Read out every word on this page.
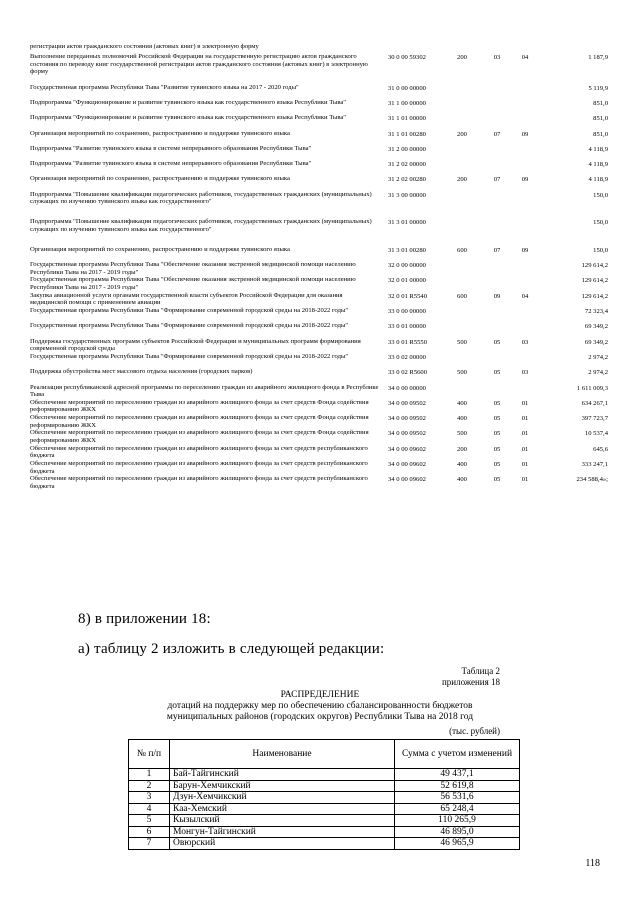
регистрации актов гражданского состояния (актовых книг) в электронную форму
Выполнение переданных полномочий Российской Федерации на государственную регистрацию актов гражданского состояния по переводу книг государственной регистрации актов гражданского состояния (актовых книг) в электронную форму
30 0 00 59302	200	03	04	1 187,9
Государственная программа Республики Тыва "Развитие тувинского языка на 2017 - 2020 годы"	31 0 00 00000	5 119,9
Подпрограмма "Функционирование и развитие тувинского языка как государственного языка Республики Тыва"	31 1 00 00000	851,0
Подпрограмма "Функционирование и развитие тувинского языка как государственного языка Республики Тыва"	31 1 01 00000	851,0
Организация мероприятий по сохранению, распространению и поддержке тувинского языка	31 1 01 00280	200	07	09	851,0
Подпрограмма "Развитие тувинского языка в системе непрерывного образования Республики Тыва"	31 2 00 00000	4 118,9
Подпрограмма "Развитие тувинского языка в системе непрерывного образования Республики Тыва"	31 2 02 00000	4 118,9
Организация мероприятий по сохранению, распространению и поддержке тувинского языка	31 2 02 00280	200	07	09	4 118,9
Подпрограмма "Повышение квалификации педагогических работников, государственных гражданских (муниципальных) служащих по изучению тувинского языка как государственного"
31 3 00 00000	150,0
Подпрограмма "Повышение квалификации педагогических работников, государственных гражданских (муниципальных) служащих по изучению тувинского языка как государственного"
31 3 01 00000	150,0
Организация мероприятий по сохранению, распространению и поддержке тувинского языка	31 3 01 00280	600	07	09	150,0
Государственная программа Республики Тыва "Обеспечение оказания экстренной медицинской помощи населению Республики Тыва на 2017 - 2019 годы"
32 0 00 00000	129 614,2
Государственная программа Республики Тыва "Обеспечение оказания экстренной медицинской помощи населению Республики Тыва на 2017 - 2019 годы"
32 0 01 00000	129 614,2
Закупка авиационной услуги органами государственной власти субъектов Российской Федерации для оказания медицинской помощи с применением авиации
32 0 01 R5540	600	09	04	129 614,2
Государственная программа Республики Тыва "Формирование современной городской среды на 2018-2022 годы"	33 0 00 00000	72 323,4
Государственная программа Республики Тыва "Формирование современной городской среды на 2018-2022 годы"	33 0 01 00000	69 349,2
Поддержка государственных программ субъектов Российской Федерации и муниципальных программ формирования современной городской среды
33 0 01 R5550	500	05	03	69 349,2
Государственная программа Республики Тыва "Формирование современной городской среды на 2018-2022 годы"	33 0 02 00000	2 974,2
Поддержка обустройства мест массового отдыха населения (городских парков)	33 0 02 R5600	500	05	03	2 974,2
Реализация республиканской адресной программы по переселению граждан из аварийного жилищного фонда в Республике Тыва
34 0 00 00000	1 611 009,3
Обеспечение мероприятий по переселению граждан из аварийного жилищного фонда за счет средств Фонда содействия реформированию ЖКХ
34 0 00 09502	400	05	01	634 267,1
Обеспечение мероприятий по переселению граждан из аварийного жилищного фонда за счет средств Фонда содействия реформированию ЖКХ
34 0 00 09502	400	05	01	397 723,7
Обеспечение мероприятий по переселению граждан из аварийного жилищного фонда за счет средств Фонда содействия реформированию ЖКХ
34 0 00 09502	500	05	01	10 537,4
Обеспечение мероприятий по переселению граждан из аварийного жилищного фонда за счет средств республиканского бюджета
34 0 00 09602	200	05	01	645,6
Обеспечение мероприятий по переселению граждан из аварийного жилищного фонда за счет средств республиканского бюджета
34 0 00 09602	400	05	01	333 247,1
Обеспечение мероприятий по переселению граждан из аварийного жилищного фонда за счет средств республиканского бюджета
34 0 00 09602	400	05	01	234 588,4»;
8) в приложении 18:
а) таблицу 2 изложить в следующей редакции:
Таблица 2
приложения 18
РАСПРЕДЕЛЕНИЕ
дотаций на поддержку мер по обеспечению сбалансированности бюджетов
муниципальных районов (городских округов) Республики Тыва на 2018 год
(тыс. рублей)
№ п/п	Наименование	Сумма с учетом изменений
1	Бай-Тайгинский	49 437,1
2	Барун-Хемчикский	52 619,8
3	Дзун-Хемчикский	56 531,6
4	Каа-Хемский	65 248,4
5	Кызылский	110 265,9
6	Монгун-Тайгинский	46 895,0
7	Овюрский	46 965,9
118
